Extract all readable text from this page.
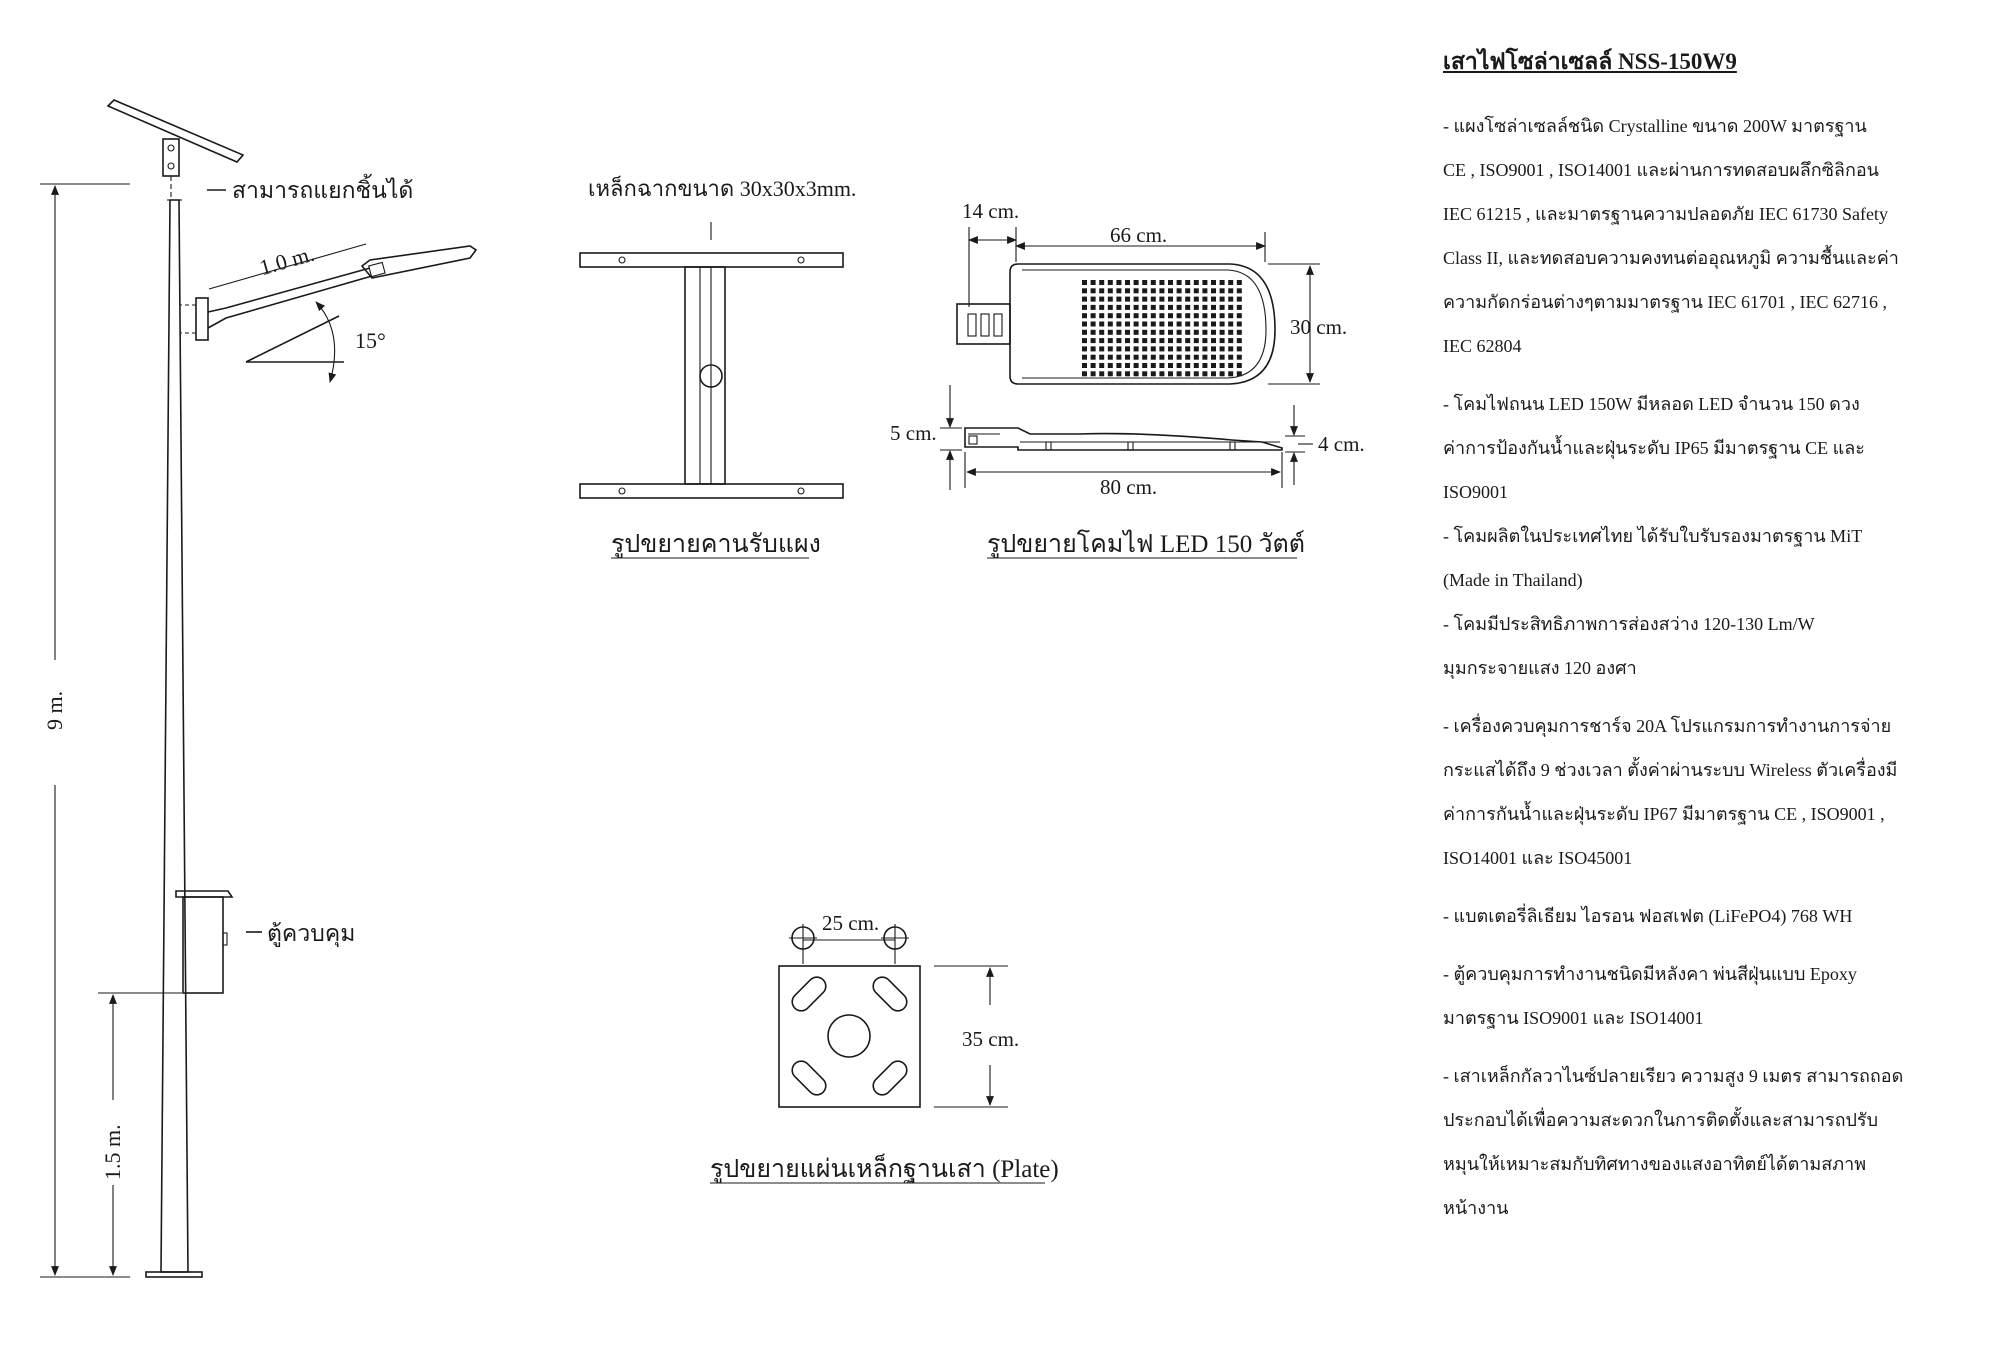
สามารถแยกชิ้นได้
1.0 m.
15°
ตู้ควบคุม
9 m.
1.5 m.
เหล็กฉากขนาด 30x30x3mm.
รูปขยายคานรับแผง
14 cm.
66 cm.
30 cm.
5 cm.	4 cm.
80 cm.
รูปขยายโคมไฟ LED 150 วัตต์
25 cm.
35 cm.
รูปขยายแผ่นเหล็กฐานเสา (Plate)
เสาไฟโซล่าเซลล์ NSS-150W9

- แผงโซล่าเซลล์ชนิด Crystalline ขนาด 200W มาตรฐาน
CE , ISO9001 , ISO14001 และผ่านการทดสอบผลึกซิลิกอน
IEC 61215 , และมาตรฐานความปลอดภัย IEC 61730 Safety
Class II, และทดสอบความคงทนต่ออุณหภูมิ ความชื้นและค่า
ความกัดกร่อนต่างๆตามมาตรฐาน IEC 61701 , IEC 62716 ,
IEC 62804

- โคมไฟถนน LED 150W มีหลอด LED จำนวน 150 ดวง
ค่าการป้องกันน้ำและฝุ่นระดับ IP65 มีมาตรฐาน CE และ
ISO9001

- โคมผลิตในประเทศไทย ได้รับใบรับรองมาตรฐาน MiT
(Made in Thailand)

- โคมมีประสิทธิภาพการส่องสว่าง 120-130 Lm/W
มุมกระจายแสง 120 องศา

- เครื่องควบคุมการชาร์จ 20A โปรแกรมการทำงานการจ่าย
กระแสได้ถึง 9 ช่วงเวลา ตั้งค่าผ่านระบบ Wireless ตัวเครื่องมี
ค่าการกันน้ำและฝุ่นระดับ IP67 มีมาตรฐาน CE , ISO9001 ,
ISO14001 และ ISO45001

- แบตเตอรี่ลิเธียม ไอรอน ฟอสเฟต (LiFePO4) 768 WH

- ตู้ควบคุมการทำงานชนิดมีหลังคา พ่นสีฝุ่นแบบ Epoxy
มาตรฐาน ISO9001 และ ISO14001

- เสาเหล็กกัลวาไนซ์ปลายเรียว ความสูง 9 เมตร สามารถถอด
ประกอบได้เพื่อความสะดวกในการติดตั้งและสามารถปรับ
หมุนให้เหมาะสมกับทิศทางของแสงอาทิตย์ได้ตามสภาพ
หน้างาน
